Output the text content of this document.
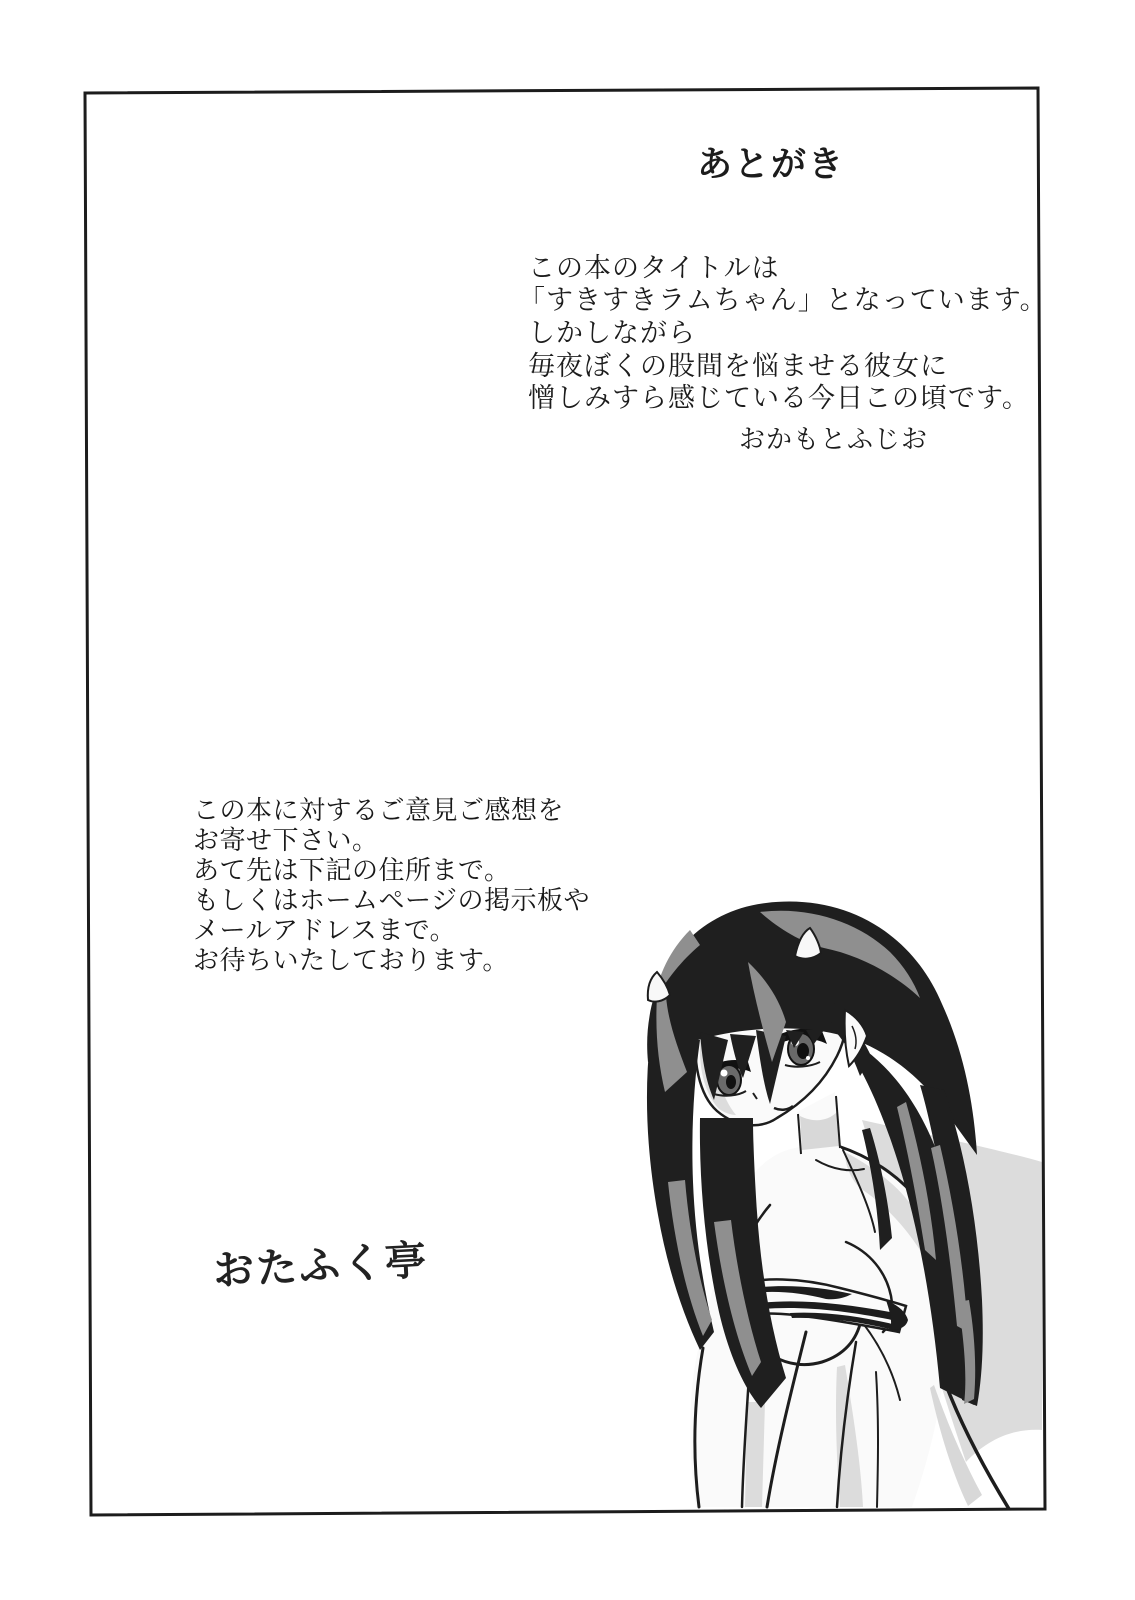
あとがき
この本のタイトルは
「すきすきラムちゃん」となっています。
しかしながら
毎夜ぼくの股間を悩ませる彼女に
憎しみすら感じている今日この頃です。
おかもとふじお
この本に対するご意見ご感想を
お寄せ下さい。
あて先は下記の住所まで。
もしくはホームページの掲示板や
メールアドレスまで。
お待ちいたしております。
おたふく亭
